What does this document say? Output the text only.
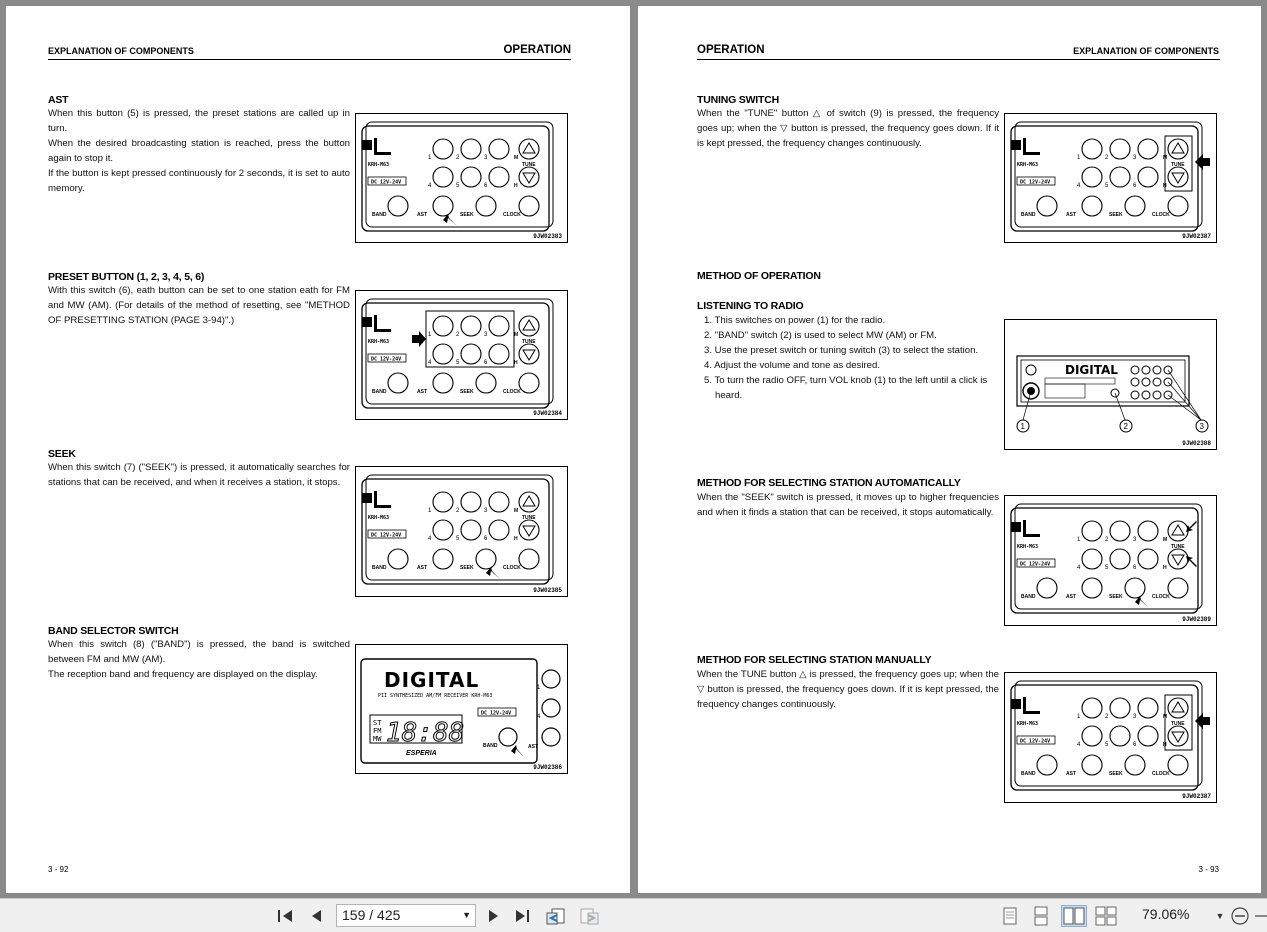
EXPLANATION OF COMPONENTS	OPERATION
AST

When this button (5) is pressed, the preset stations are called up in turn.

When the desired broadcasting station is reached, press the button again to stop it.

If the button is kept pressed continuously for 2 seconds, it is set to auto memory.

KRH-M63
DC 12V-24V
1
4
2
5
3
6
M
H
TUNE
BAND	AST	SEEK	CLOCK
9JW02383
PRESET BUTTON (1, 2, 3, 4, 5, 6)

With this switch (6), eath button can be set to one station eath for FM and MW (AM). (For details of the method of resetting, see "METHOD OF PRESETTING STATION (PAGE 3-94)".)

KRH-M63
DC 12V-24V
1
4
2
5
3
6
M
H
TUNE
BAND	AST	SEEK	CLOCK
9JW02384
SEEK

When this switch (7) ("SEEK") is pressed, it automatically searches for stations that can be received, and when it receives a station, it stops.

KRH-M63
DC 12V-24V
1
4
2
5
3
6
M
H
TUNE
BAND	AST	SEEK	CLOCK
9JW02385
BAND SELECTOR SWITCH

When this switch (8) ("BAND") is pressed, the band is switched between FM and MW (AM).

The reception band and frequency are displayed on the display.	DIGITAL
PII SYNTHESIZED AM/FM RECEIVER KRH-M63
DC 12V-24V
ST
FM
MW 18:88
ESPERIA
1
4
AST
BAND
9JW02386
3 - 92
OPERATION	EXPLANATION OF COMPONENTS
TUNING SWITCH

When the "TUNE" button △ of switch (9) is pressed, the frequency goes up; when the ▽ button is pressed, the frequency goes down. If it is kept pressed, the frequency changes continuously.

KRH-M63
DC 12V-24V
1
4
2
5
3
6
M
H
TUNE
BAND	AST	SEEK	CLOCK
9JW02387
METHOD OF OPERATION
LISTENING TO RADIO
1. This switches on power (1) for the radio.
2. "BAND" switch (2) is used to select MW (AM) or FM.
3. Use the preset switch or tuning switch (3) to select the station.
4. Adjust the volume and tone as desired.
5. To turn the radio OFF, turn VOL knob (1) to the left until a click is heard.
DIGITAL
1	2	3
9JW02388
METHOD FOR SELECTING STATION AUTOMATICALLY

When the "SEEK" switch is pressed, it moves up to higher frequencies and when it finds a station that can be received, it stops automatically.

KRH-M63
DC 12V-24V
1
4
2
5
3
6
M
H
TUNE
BAND	AST	SEEK	CLOCK
9JW02389
METHOD FOR SELECTING STATION MANUALLY

When the TUNE button △ is pressed, the frequency goes up; when the ▽ button is pressed, the frequency goes down. If it is kept pressed, the frequency changes continuously.

KRH-M63
DC 12V-24V
1
4
2
5
3
6
M
H
TUNE
BAND	AST	SEEK	CLOCK
9JW02387
3 - 93
159 / 425	▼	79.06%	▼
